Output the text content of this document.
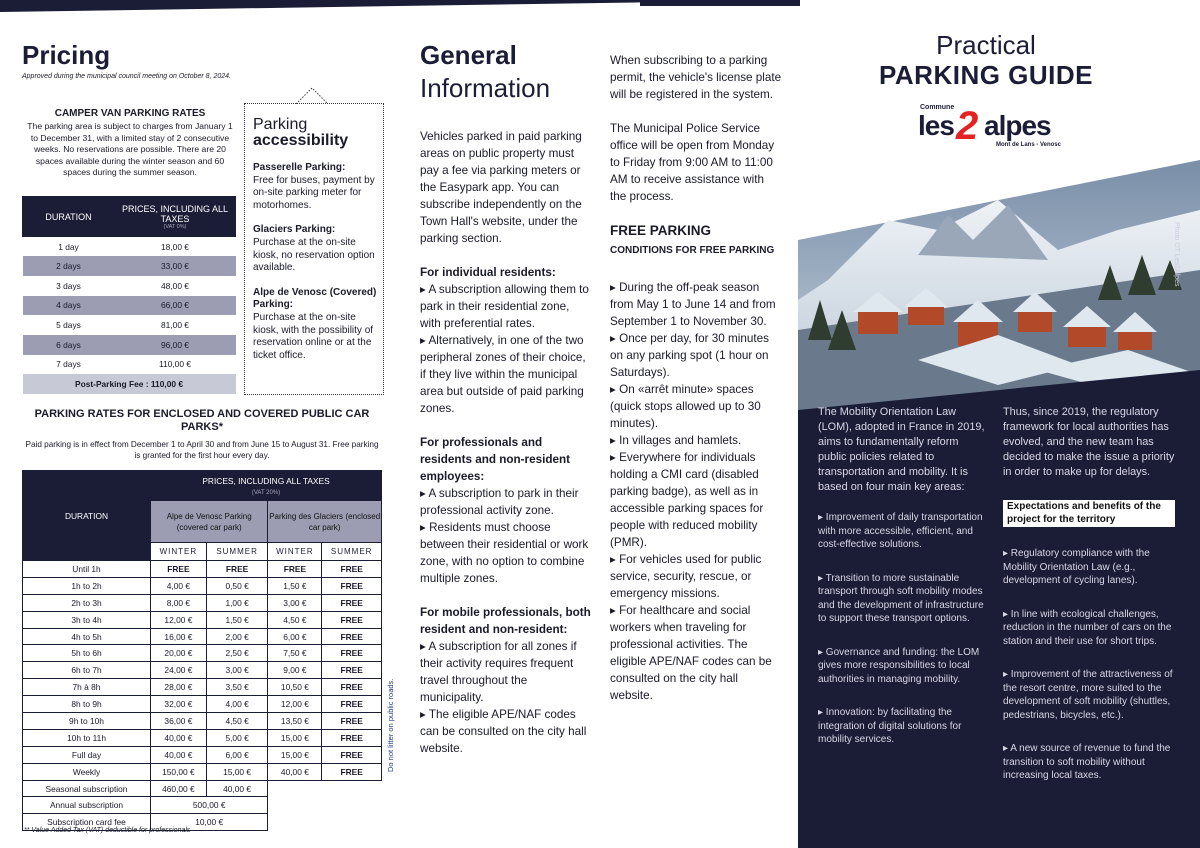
Pricing
Approved during the municipal council meeting on October 8, 2024.
CAMPER VAN PARKING RATES
The parking area is subject to charges from January 1 to December 31, with a limited stay of 2 consecutive weeks. No reservations are possible. There are 20 spaces available during the winter season and 60 spaces during the summer season.
DURATION	PRICES, INCLUDING ALL TAXES
(VAT 0%)

1 day	18,00 €
2 days	33,00 €
3 days	48,00 €
4 days	66,00 €
5 days	81,00 €
6 days	96,00 €
7 days	110,00 €
Post-Parking Fee : 110,00 €	
Parking
accessibility
Passerelle Parking:
Free for buses, payment by on-site parking meter for motorhomes.
Glaciers Parking:
Purchase at the on-site kiosk, no reservation option available.
Alpe de Venosc (Covered) Parking:
Purchase at the on-site kiosk, with the possibility of reservation online or at the ticket office.
PARKING RATES FOR ENCLOSED AND COVERED PUBLIC CAR PARKS*
Paid parking is in effect from December 1 to April 30 and from June 15 to August 31. Free parking is granted for the first hour every day.
DURATION	PRICES, INCLUDING ALL TAXES
(VAT 20%)			
	Alpe de Venosc Parking (covered car park)		Parking des Glaciers (enclosed car park)	
	WINTER	SUMMER	WINTER	SUMMER
Until 1h	FREE	FREE	FREE	FREE
1h to 2h	4,00 €	0,50 €	1,50 €	FREE
2h to 3h	8,00 €	1,00 €	3,00 €	FREE
3h to 4h	12,00 €	1,50 €	4,50 €	FREE
4h to 5h	16,00 €	2,00 €	6,00 €	FREE
5h to 6h	20,00 €	2,50 €	7,50 €	FREE
6h to 7h	24,00 €	3,00 €	9,00 €	FREE
7h à 8h	28,00 €	3,50 €	10,50 €	FREE
8h to 9h	32,00 €	4,00 €	12,00 €	FREE
9h to 10h	36,00 €	4,50 €	13,50 €	FREE
10h to 11h	40,00 €	5,00 €	15,00 €	FREE
Full day	40,00 €	6,00 €	15,00 €	FREE
Weekly	150,00 €	15,00 €	40,00 €	FREE
Seasonal subscription	460,00 €	40,00 €		
Annual subscription	500,00 €			
Subscription card fee	10,00 €			
** Value Added Tax (VAT) deductible for professionals
Do not litter on public roads.
General
Information

Vehicles parked in paid parking areas on public property must pay a fee via parking meters or the Easypark app. You can subscribe independently on the Town Hall's website, under the parking section.

For individual residents:
▸ A subscription allowing them to park in their residential zone, with preferential rates.
▸ Alternatively, in one of the two peripheral zones of their choice, if they live within the municipal area but outside of paid parking zones.
For professionals and residents and non-resident employees:
▸ A subscription to park in their professional activity zone.
▸ Residents must choose between their residential or work zone, with no option to combine multiple zones.
For mobile professionals, both resident and non-resident:
▸ A subscription for all zones if their activity requires frequent travel throughout the municipality.
▸ The eligible APE/NAF codes can be consulted on the city hall website.

When subscribing to a parking permit, the vehicle's license plate will be registered in the system.

The Municipal Police Service office will be open from Monday to Friday from 9:00 AM to 11:00 AM to receive assistance with the process.

FREE PARKING
CONDITIONS FOR FREE PARKING
▸ During the off-peak season from May 1 to June 14 and from September 1 to November 30.
▸ Once per day, for 30 minutes on any parking spot (1 hour on Saturdays).
▸ On «arrêt minute» spaces (quick stops allowed up to 30 minutes).
▸ In villages and hamlets.
▸ Everywhere for individuals holding a CMI card (disabled parking badge), as well as in accessible parking spaces for people with reduced mobility (PMR).
▸ For vehicles used for public service, security, rescue, or emergency missions.
▸ For healthcare and social workers when traveling for professional activities. The eligible APE/NAF codes can be consulted on the city hall website.
Practical
PARKING GUIDE
Commune
les 2 alpes
Mont de Lans - Venosc
Photo OT Les2Alpes

The Mobility Orientation Law (LOM), adopted in France in 2019, aims to fundamentally reform public policies related to transportation and mobility. It is based on four main key areas:

▸ Improvement of daily transportation with more accessible, efficient, and cost-effective solutions.

▸ Transition to more sustainable transport through soft mobility modes and the development of infrastructure to support these transport options.

▸ Governance and funding: the LOM gives more responsibilities to local authorities in managing mobility.

▸ Innovation: by facilitating the integration of digital solutions for mobility services.

Thus, since 2019, the regulatory framework for local authorities has evolved, and the new team has decided to make the issue a priority in order to make up for delays.

Expectations and benefits of the project for the territory

▸ Regulatory compliance with the Mobility Orientation Law (e.g., development of cycling lanes).

▸ In line with ecological challenges, reduction in the number of cars on the station and their use for short trips.

▸ Improvement of the attractiveness of the resort centre, more suited to the development of soft mobility (shuttles, pedestrians, bicycles, etc.).

▸ A new source of revenue to fund the transition to soft mobility without increasing local taxes.
